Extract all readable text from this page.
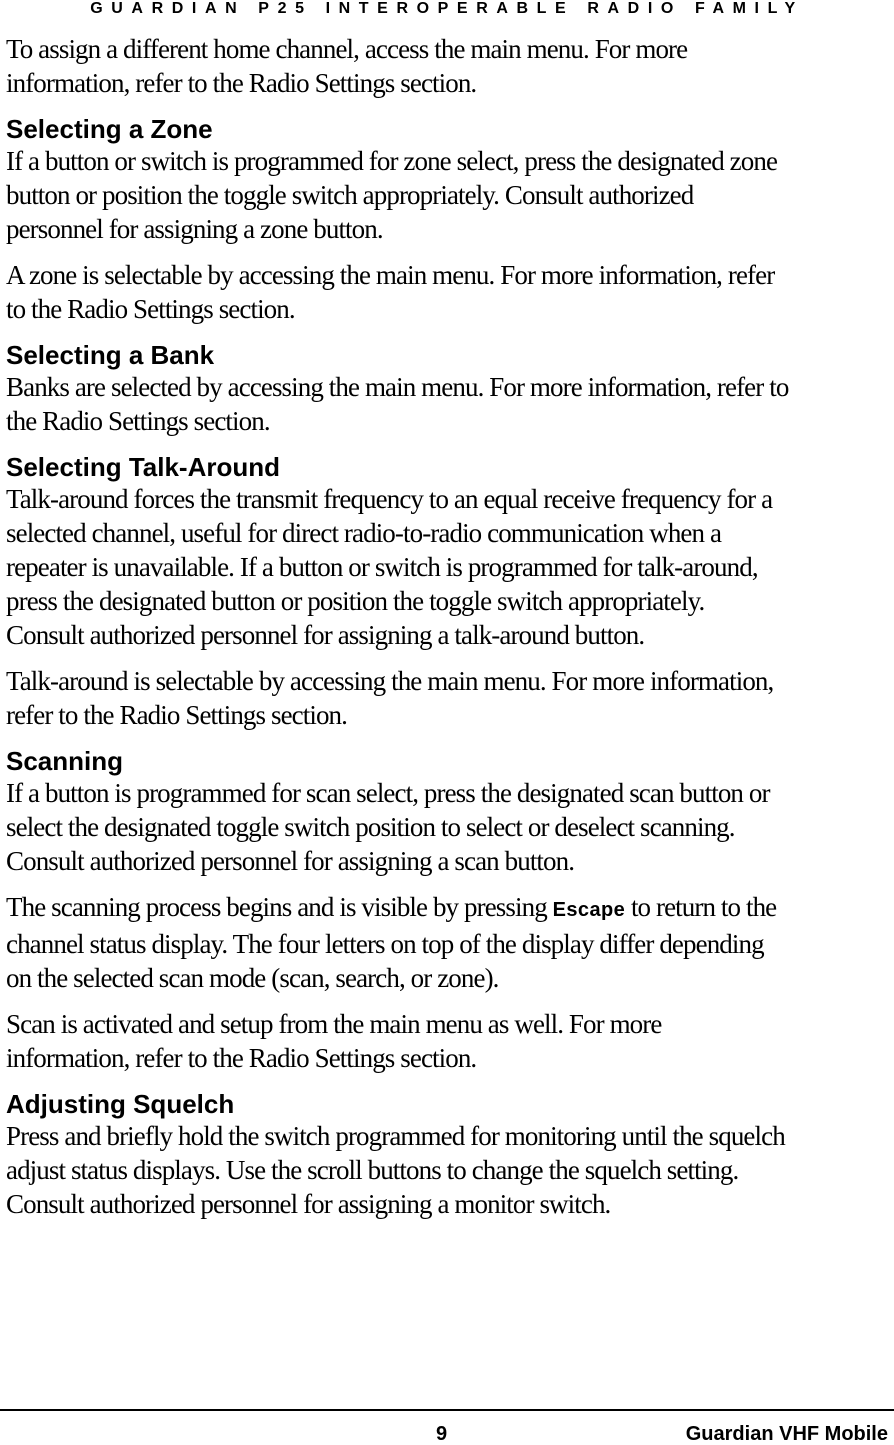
GUARDIAN P25 INTEROPERABLE RADIO FAMILY

To assign a different home channel, access the main menu. For more
information, refer to the Radio Settings section.

Selecting a Zone

If a button or switch is programmed for zone select, press the designated zone
button or position the toggle switch appropriately. Consult authorized
personnel for assigning a zone button.

A zone is selectable by accessing the main menu. For more information, refer
to the Radio Settings section.

Selecting a Bank

Banks are selected by accessing the main menu. For more information, refer to
the Radio Settings section.

Selecting Talk-Around

Talk-around forces the transmit frequency to an equal receive frequency for a
selected channel, useful for direct radio-to-radio communication when a
repeater is unavailable. If a button or switch is programmed for talk-around,
press the designated button or position the toggle switch appropriately.
Consult authorized personnel for assigning a talk-around button.

Talk-around is selectable by accessing the main menu. For more information,
refer to the Radio Settings section.

Scanning

If a button is programmed for scan select, press the designated scan button or
select the designated toggle switch position to select or deselect scanning.
Consult authorized personnel for assigning a scan button.

The scanning process begins and is visible by pressing Escape to return to the
channel status display. The four letters on top of the display differ depending
on the selected scan mode (scan, search, or zone).

Scan is activated and setup from the main menu as well. For more
information, refer to the Radio Settings section.

Adjusting Squelch

Press and briefly hold the switch programmed for monitoring until the squelch
adjust status displays. Use the scroll buttons to change the squelch setting.
Consult authorized personnel for assigning a monitor switch.

9	Guardian VHF Mobile
